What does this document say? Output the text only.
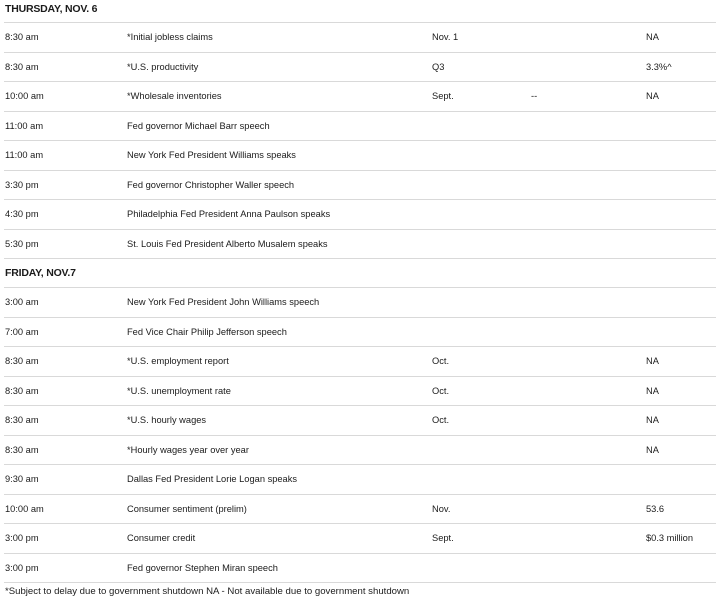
THURSDAY, NOV. 6
8:30 am	*Initial jobless claims	Nov. 1	NA
8:30 am	*U.S. productivity	Q3	3.3%^
10:00 am	*Wholesale inventories	Sept.	--	NA
11:00 am	Fed governor Michael Barr speech
11:00 am	New York Fed President Williams speaks
3:30 pm	Fed governor Christopher Waller speech
4:30 pm	Philadelphia Fed President Anna Paulson speaks
5:30 pm	St. Louis Fed President Alberto Musalem speaks
FRIDAY, NOV.7
3:00 am	New York Fed President John Williams speech
7:00 am	Fed Vice Chair Philip Jefferson speech
8:30 am	*U.S. employment report	Oct.	NA
8:30 am	*U.S. unemployment rate	Oct.	NA
8:30 am	*U.S. hourly wages	Oct.	NA
8:30 am	*Hourly wages year over year	NA
9:30 am	Dallas Fed President Lorie Logan speaks
10:00 am	Consumer sentiment (prelim)	Nov.	53.6
3:00 pm	Consumer credit	Sept.	$0.3 million
3:00 pm	Fed governor Stephen Miran speech
*Subject to delay due to government shutdown NA - Not available due to government shutdown
